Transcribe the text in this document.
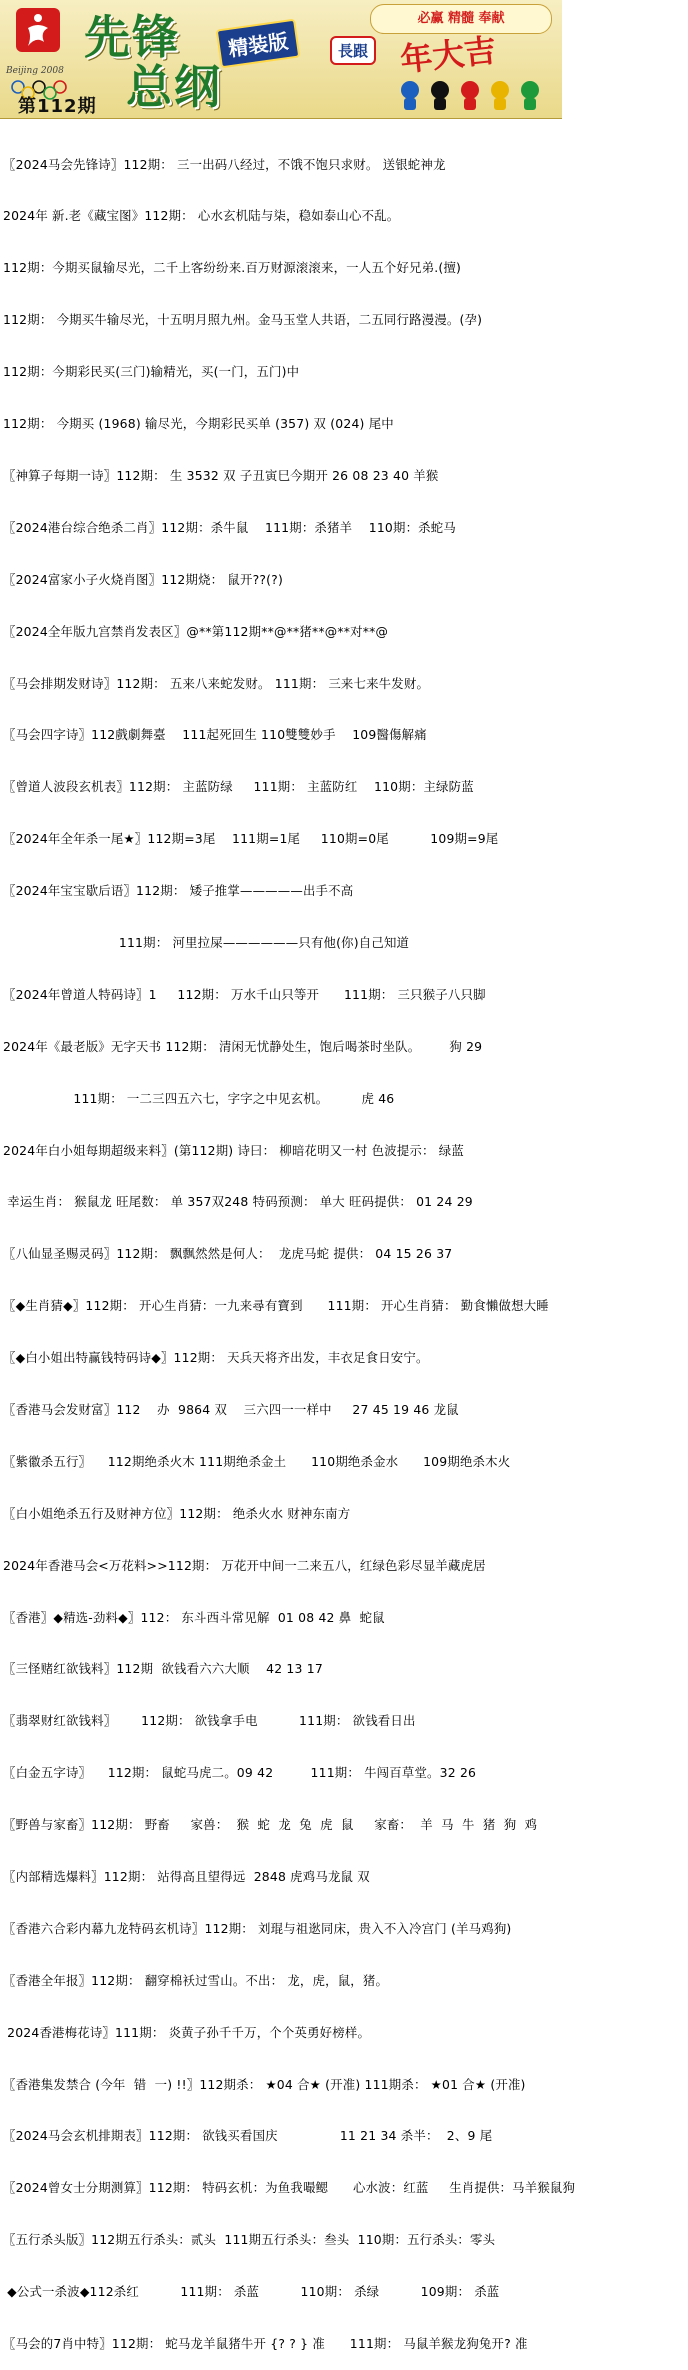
Beijing 2008
先锋
总纲
精装版
第112期
必赢 精髓 奉献
長跟 年大吉

〖2024马会先锋诗〗112期： 三一出码八经过，不饿不饱只求财。 送银蛇神龙

2024年 新.老《藏宝图》112期： 心水玄机陆与柒，稳如泰山心不乱。

112期：今期买鼠输尽光，二千上客纷纷来.百万财源滚滚来，一人五个好兄弟.(擅)

112期： 今期买牛输尽光，十五明月照九州。金马玉堂人共语，二五同行路漫漫。(孕)

112期：今期彩民买(三门)输精光，买(一门，五门)中

112期： 今期买 (1968) 输尽光，今期彩民买单 (357) 双 (024) 尾中

〖神算子每期一诗〗112期： 生 3532 双 子丑寅巳今期开 26 08 23 40 羊猴

〖2024港台综合绝杀二肖〗112期：杀牛鼠    111期：杀猪羊    110期：杀蛇马

〖2024富家小子火烧肖图〗112期烧： 鼠开??(?)

〖2024全年版九宫禁肖发表区〗@**第112期**@**猪**@**对**@

〖马会排期发财诗〗112期： 五来八来蛇发财。 111期： 三来七来牛发财。

〖马会四字诗〗112戲劇舞臺    111起死回生 110雙雙妙手    109醫傷解痛

〖曾道人波段玄机表〗112期： 主蓝防绿     111期： 主蓝防红    110期：主绿防蓝

〖2024年全年杀一尾★〗112期=3尾    111期=1尾     110期=0尾          109期=9尾

〖2024年宝宝歇后语〗112期： 矮子推掌—————出手不高

111期： 河里拉屎——————只有他(你)自己知道

〖2024年曾道人特码诗〗1     112期： 万水千山只等开      111期： 三只猴子八只脚

2024年《最老版》无字天书 112期： 清闲无忧静处生，饱后喝茶时坐队。       狗 29

111期： 一二三四五六七，字字之中见玄机。        虎 46

2024年白小姐每期超级来料〗(第112期) 诗曰： 柳暗花明又一村 色波提示： 绿蓝

幸运生肖： 猴鼠龙 旺尾数： 单 357双248 特码预测： 单大 旺码提供： 01 24 29

〖八仙显圣赐灵码〗112期： 飘飘然然是何人：  龙虎马蛇 提供： 04 15 26 37

〖◆生肖猜◆〗112期： 开心生肖猜：一九来尋有寶到      111期： 开心生肖猜： 勤食懶做想大睡

〖◆白小姐出特赢钱特码诗◆〗112期： 天兵天将齐出发，丰衣足食日安宁。

〖香港马会发财富〗112    办  9864 双    三六四一一样中     27 45 19 46 龙鼠

〖紫徽杀五行〗    112期绝杀火木 111期绝杀金土      110期绝杀金水      109期绝杀木火

〖白小姐绝杀五行及财神方位〗112期： 绝杀火水 财神东南方

2024年香港马会<万花料>>112期： 万花开中间一二来五八，红绿色彩尽显羊藏虎居

〖香港〗◆精选-劲料◆〗112： 东斗西斗常见解  01 08 42 鼻  蛇鼠

〖三怪赌红欲钱料〗112期  欲钱看六六大顺    42 13 17

〖翡翠财红欲钱料〗      112期： 欲钱拿手电          111期： 欲钱看日出

〖白金五字诗〗    112期： 鼠蛇马虎二。09 42         111期： 牛闯百草堂。32 26

〖野兽与家畜〗112期： 野畜     家兽：  猴  蛇  龙  兔  虎  鼠     家畜：  羊  马  牛  猪  狗  鸡

〖内部精选爆料〗112期： 站得高且望得远  2848 虎鸡马龙鼠 双

〖香港六合彩内幕九龙特码玄机诗〗112期： 刘琨与祖逖同床，贵入不入冷宫门 (羊马鸡狗)

〖香港全年报〗112期： 翻穿棉袄过雪山。不出： 龙，虎，鼠，猪。

2024香港梅花诗〗111期： 炎黄子孙千千万，个个英勇好榜样。

〖香港集发禁合 (今年  错  一) !!〗112期杀： ★04 合★ (开准) 111期杀： ★01 合★ (开准)

〖2024马会玄机排期表〗112期： 欲钱买看国庆               11 21 34 杀半：  2、9 尾

〖2024曾女士分期测算〗112期： 特码玄机：为鱼我嘬鳃      心水波：红蓝     生肖提供：马羊猴鼠狗

〖五行杀头版〗112期五行杀头：贰头  111期五行杀头：叁头  110期：五行杀头：零头

◆公式一杀波◆112杀红          111期： 杀蓝          110期： 杀绿          109期： 杀蓝

〖马会的7肖中特〗112期： 蛇马龙羊鼠猪牛开 {? ? } 准      111期： 马鼠羊猴龙狗兔开? 准
